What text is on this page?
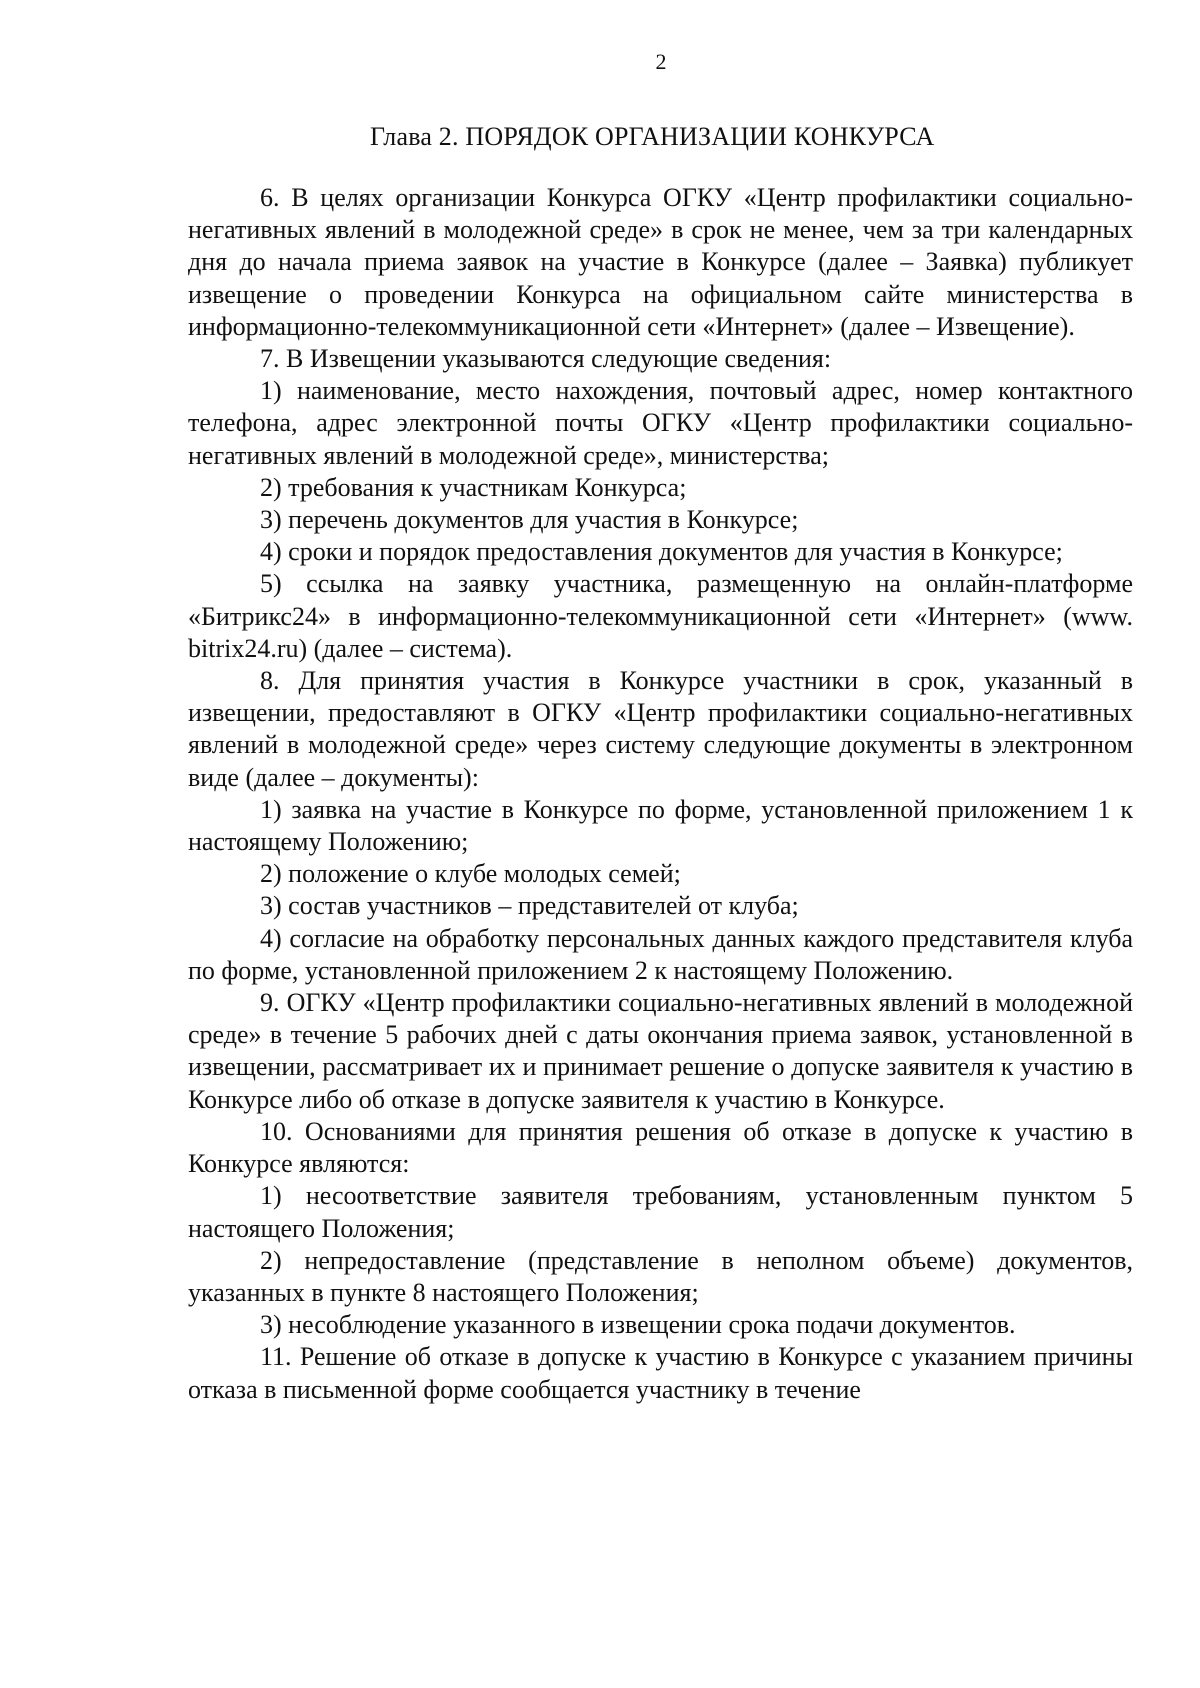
2
Глава 2. ПОРЯДОК ОРГАНИЗАЦИИ КОНКУРСА

6. В целях организации Конкурса ОГКУ «Центр профилактики социально-негативных явлений в молодежной среде» в срок не менее, чем за три календарных дня до начала приема заявок на участие в Конкурсе (далее – Заявка) публикует извещение о проведении Конкурса на официальном сайте министерства в информационно-телекоммуникационной сети «Интернет» (далее – Извещение).

7. В Извещении указываются следующие сведения:

1) наименование, место нахождения, почтовый адрес, номер контактного телефона, адрес электронной почты ОГКУ «Центр профилактики социально-негативных явлений в молодежной среде», министерства;

2) требования к участникам Конкурса;

3) перечень документов для участия в Конкурсе;

4) сроки и порядок предоставления документов для участия в Конкурсе;

5) ссылка на заявку участника, размещенную на онлайн-платформе «Битрикс24» в информационно-телекоммуникационной сети «Интернет» (www. bitrix24.ru) (далее – система).

8. Для принятия участия в Конкурсе участники в срок, указанный в извещении, предоставляют в ОГКУ «Центр профилактики социально-негативных явлений в молодежной среде» через систему следующие документы в электронном виде (далее – документы):

1) заявка на участие в Конкурсе по форме, установленной приложением 1 к настоящему Положению;

2) положение о клубе молодых семей;

3) состав участников – представителей от клуба;

4) согласие на обработку персональных данных каждого представителя клуба по форме, установленной приложением 2 к настоящему Положению.

9. ОГКУ «Центр профилактики социально-негативных явлений в молодежной среде» в течение 5 рабочих дней с даты окончания приема заявок, установленной в извещении, рассматривает их и принимает решение о допуске заявителя к участию в Конкурсе либо об отказе в допуске заявителя к участию в Конкурсе.

10. Основаниями для принятия решения об отказе в допуске к участию в Конкурсе являются:

1) несоответствие заявителя требованиям, установленным пунктом 5 настоящего Положения;

2) непредоставление (представление в неполном объеме) документов, указанных в пункте 8 настоящего Положения;

3) несоблюдение указанного в извещении срока подачи документов.

11. Решение об отказе в допуске к участию в Конкурсе с указанием причины отказа в письменной форме сообщается участнику в течение
